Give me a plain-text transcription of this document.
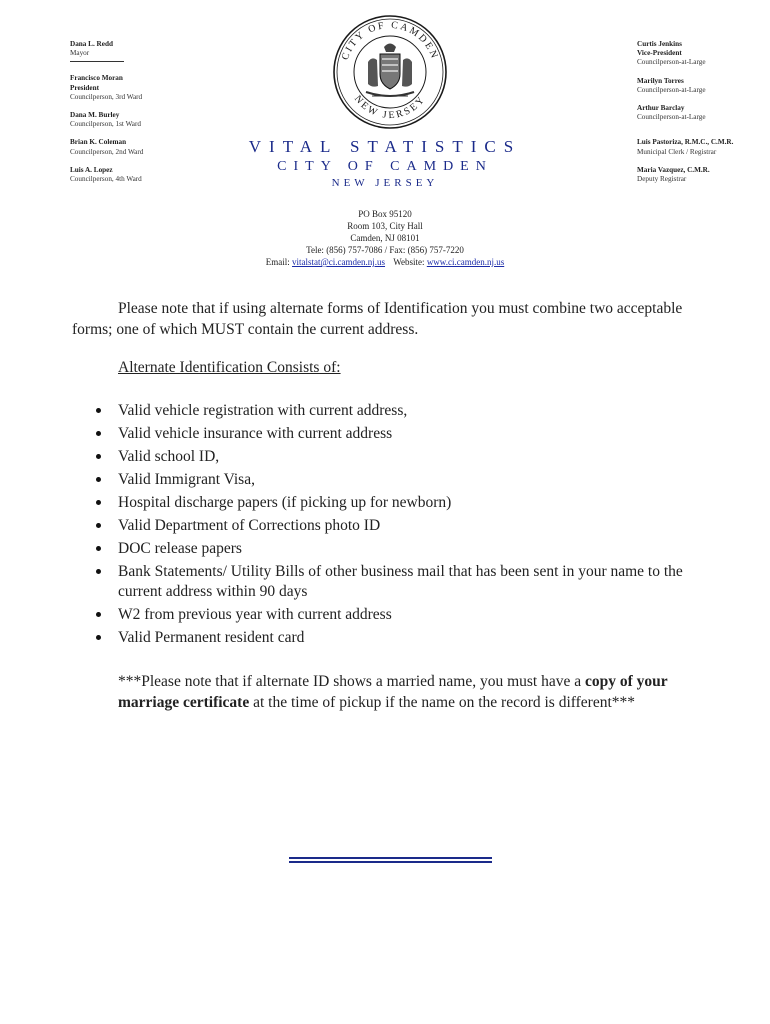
Dana L. Redd
Mayor
Francisco Moran
President
Councilperson, 3rd Ward
Dana M. Burley
Councilperson, 1st Ward
Brian K. Coleman
Councilperson, 2nd Ward
Luis A. Lopez
Councilperson, 4th Ward
Curtis Jenkins
Vice-President
Councilperson-at-Large
Marilyn Torres
Councilperson-at-Large
Arthur Barclay
Councilperson-at-Large
Luis Pastoriza, R.M.C., C.M.R.
Municipal Clerk / Registrar
Maria Vazquez, C.M.R.
Deputy Registrar
CITY OF CAMDEN
NEW JERSEY
VITAL STATISTICS
CITY OF CAMDEN
NEW JERSEY
PO Box 95120
Room 103, City Hall
Camden, NJ 08101
Tele: (856) 757-7086 / Fax: (856) 757-7220
Email: vitalstat@ci.camden.nj.us Website: www.ci.camden.nj.us
Please note that if using alternate forms of Identification you must combine two acceptable forms; one of which MUST contain the current address.
Alternate Identification Consists of:
Valid vehicle registration with current address,
Valid vehicle insurance with current address
Valid school ID,
Valid Immigrant Visa,
Hospital discharge papers (if picking up for newborn)
Valid Department of Corrections photo ID
DOC release papers
Bank Statements/ Utility Bills of other business mail that has been sent in your name to the current address within 90 days
W2 from previous year with current address
Valid Permanent resident card
***Please note that if alternate ID shows a married name, you must have a copy of your marriage certificate at the time of pickup if the name on the record is different***
